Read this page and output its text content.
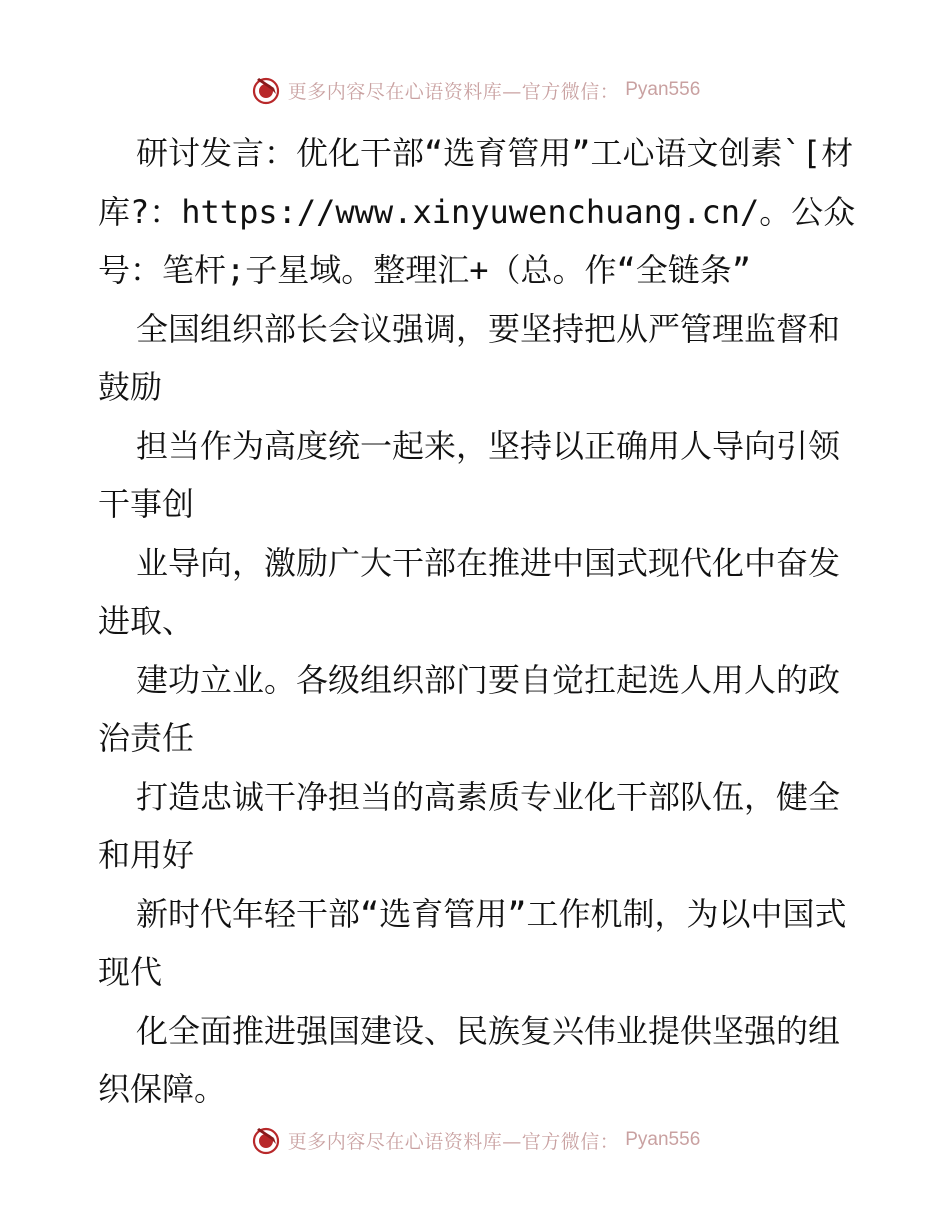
更多内容尽在心语资料库—官方微信： Pyan556

研讨发言：优化干部“选育管用”工心语文创素`[材库?：https://www.xinyuwenchuang.cn/。公众号：笔杆;子星域。整理汇+（总。作“全链条”

全国组织部长会议强调，要坚持把从严管理监督和鼓励

担当作为高度统一起来，坚持以正确用人导向引领干事创

业导向，激励广大干部在推进中国式现代化中奋发进取、

建功立业。各级组织部门要自觉扛起选人用人的政治责任

打造忠诚干净担当的高素质专业化干部队伍，健全和用好

新时代年轻干部“选育管用”工作机制，为以中国式现代

化全面推进强国建设、民族复兴伟业提供坚强的组织保障。

更多内容尽在心语资料库—官方微信： Pyan556
